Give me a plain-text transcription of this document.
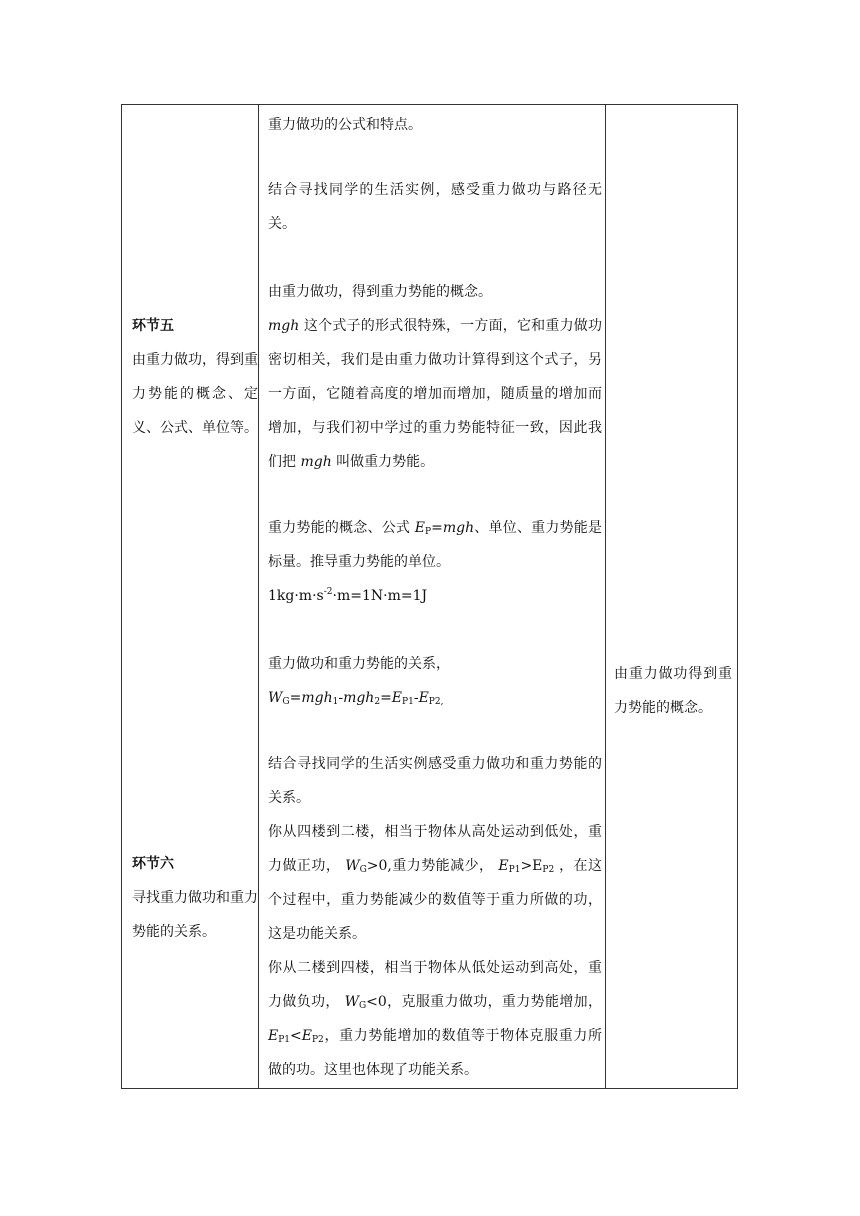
环节五

由重力做功，得到重力势能的概念、定义、公式、单位等。

环节六

寻找重力做功和重力势能的关系。

重力做功的公式和特点。

结合寻找同学的生活实例，感受重力做功与路径无关。

由重力做功，得到重力势能的概念。

mgh 这个式子的形式很特殊，一方面，它和重力做功密切相关，我们是由重力做功计算得到这个式子，另一方面，它随着高度的增加而增加，随质量的增加而增加，与我们初中学过的重力势能特征一致，因此我们把 mgh 叫做重力势能。

重力势能的概念、公式 $E_P=mgh$、单位、重力势能是标量。推导重力势能的单位。

$1kg\cdot m\cdot s^{-2}\cdot m=1N\cdot m=1J$

重力做功和重力势能的关系，

$W_G=mgh_1-mgh_2=E_{P1}-E_{P2,}$

结合寻找同学的生活实例感受重力做功和重力势能的关系。

你从四楼到二楼，相当于物体从高处运动到低处，重力做正功， $W_G>0$,重力势能减少， $E_{P1}>E_{P2}$ ，在这个过程中，重力势能减少的数值等于重力所做的功，这是功能关系。

你从二楼到四楼，相当于物体从低处运动到高处，重力做负功， $W_G<0$，克服重力做功，重力势能增加， $E_{P1}<E_{P2}$，重力势能增加的数值等于物体克服重力所做的功。这里也体现了功能关系。

由重力做功得到重力势能的概念。
